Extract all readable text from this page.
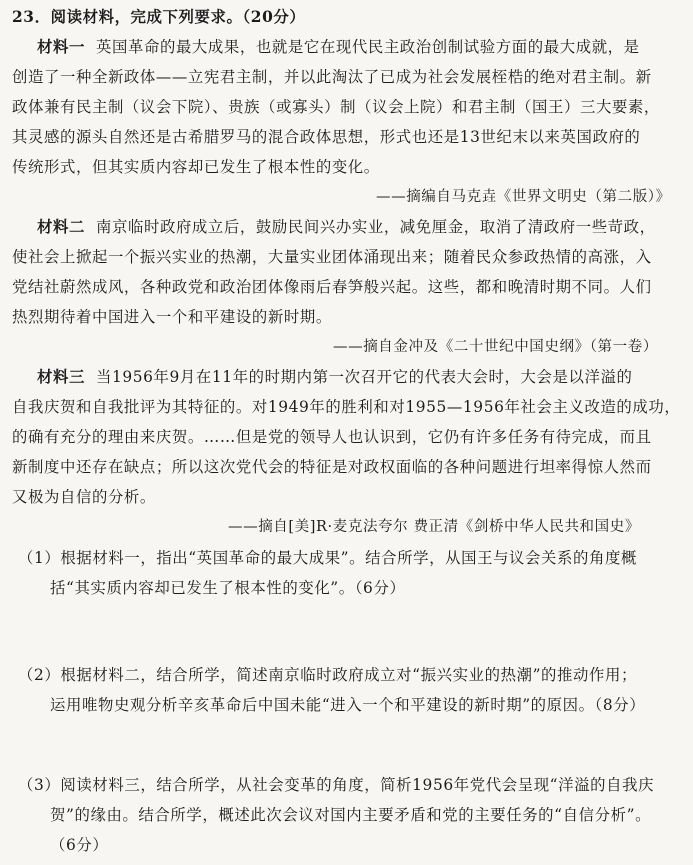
23．阅读材料，完成下列要求。（20分）
材料一 英国革命的最大成果，也就是它在现代民主政治创制试验方面的最大成就，是
创造了一种全新政体——立宪君主制，并以此淘汰了已成为社会发展桎梏的绝对君主制。新
政体兼有民主制（议会下院）、贵族（或寡头）制（议会上院）和君主制（国王）三大要素，
其灵感的源头自然还是古希腊罗马的混合政体思想，形式也还是13世纪末以来英国政府的
传统形式，但其实质内容却已发生了根本性的变化。
——摘编自马克垚《世界文明史（第二版）》
材料二 南京临时政府成立后，鼓励民间兴办实业，减免厘金，取消了清政府一些苛政，
使社会上掀起一个振兴实业的热潮，大量实业团体涌现出来；随着民众参政热情的高涨，入
党结社蔚然成风，各种政党和政治团体像雨后春笋般兴起。这些，都和晚清时期不同。人们
热烈期待着中国进入一个和平建设的新时期。
——摘自金冲及《二十世纪中国史纲》（第一卷）
材料三 当1956年9月在11年的时期内第一次召开它的代表大会时，大会是以洋溢的
自我庆贺和自我批评为其特征的。对1949年的胜利和对1955—1956年社会主义改造的成功，
的确有充分的理由来庆贺。……但是党的领导人也认识到，它仍有许多任务有待完成，而且
新制度中还存在缺点；所以这次党代会的特征是对政权面临的各种问题进行坦率得惊人然而
又极为自信的分析。
——摘自[美]R·麦克法夸尔 费正清《剑桥中华人民共和国史》
（1）根据材料一，指出“英国革命的最大成果”。结合所学，从国王与议会关系的角度概
括“其实质内容却已发生了根本性的变化”。（6分）
（2）根据材料二，结合所学，简述南京临时政府成立对“振兴实业的热潮”的推动作用；
运用唯物史观分析辛亥革命后中国未能“进入一个和平建设的新时期”的原因。（8分）
（3）阅读材料三，结合所学，从社会变革的角度，简析1956年党代会呈现“洋溢的自我庆
贺”的缘由。结合所学，概述此次会议对国内主要矛盾和党的主要任务的“自信分析”。
（6分）
